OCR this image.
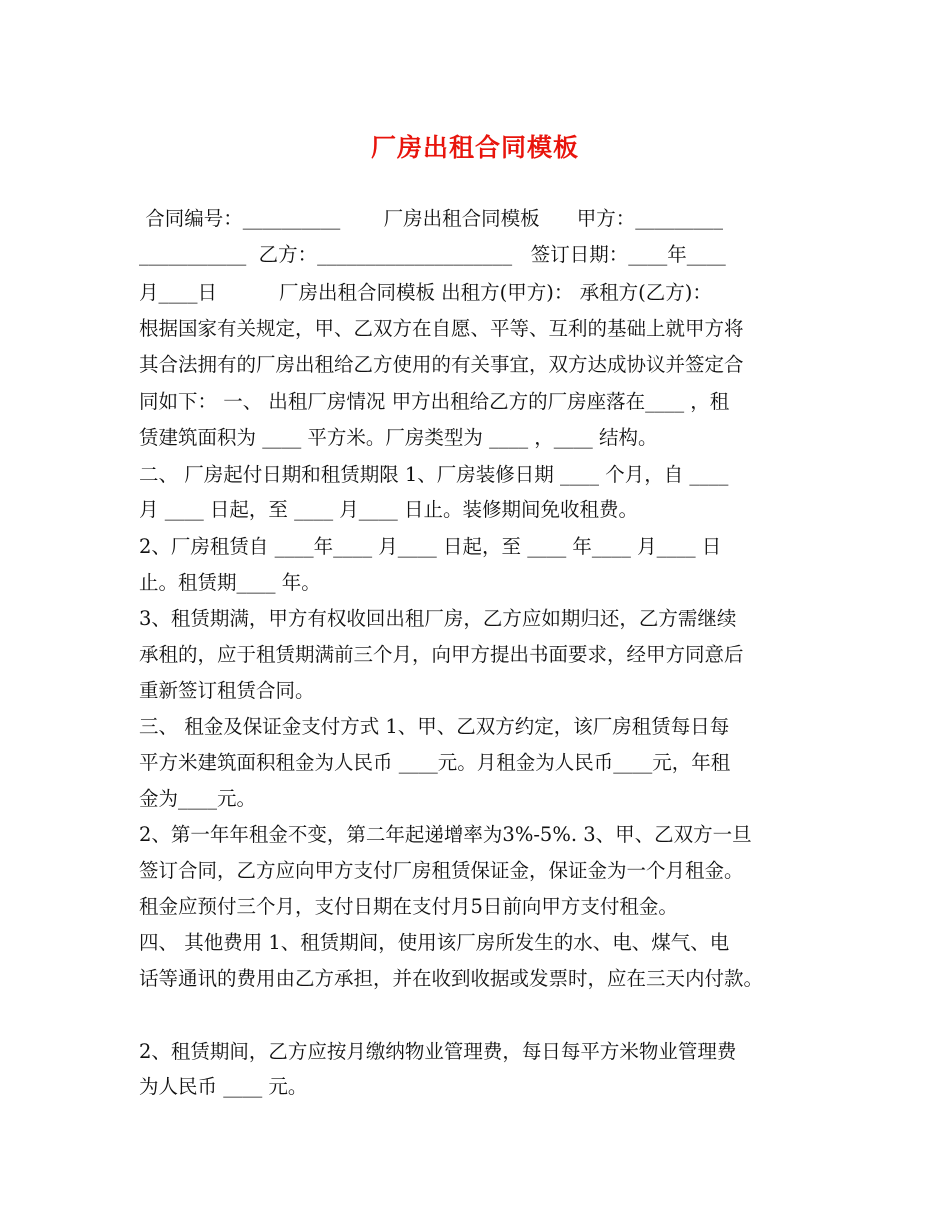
厂房出租合同模板

合同编号：__________       厂房出租合同模板      甲方：_________

___________  乙方：____________________   签订日期：____年____

月____日          厂房出租合同模板 出租方(甲方)： 承租方(乙方)：

根据国家有关规定，甲、乙双方在自愿、平等、互利的基础上就甲方将

其合法拥有的厂房出租给乙方使用的有关事宜，双方达成协议并签定合

同如下： 一、 出租厂房情况 甲方出租给乙方的厂房座落在____ ，租

赁建筑面积为 ____ 平方米。厂房类型为 ____ ，____ 结构。

二、 厂房起付日期和租赁期限 1、厂房装修日期 ____ 个月，自 ____

月 ____ 日起，至 ____ 月____ 日止。装修期间免收租费。

2、厂房租赁自 ____年____ 月____ 日起，至 ____ 年____ 月____ 日

止。租赁期____ 年。

3、租赁期满，甲方有权收回出租厂房，乙方应如期归还，乙方需继续

承租的，应于租赁期满前三个月，向甲方提出书面要求，经甲方同意后

重新签订租赁合同。

三、 租金及保证金支付方式 1、甲、乙双方约定，该厂房租赁每日每

平方米建筑面积租金为人民币 ____元。月租金为人民币____元，年租

金为____元。

2、第一年年租金不变，第二年起递增率为3%-5%. 3、甲、乙双方一旦

签订合同，乙方应向甲方支付厂房租赁保证金，保证金为一个月租金。

租金应预付三个月，支付日期在支付月5日前向甲方支付租金。

四、 其他费用 1、租赁期间，使用该厂房所发生的水、电、煤气、电

话等通讯的费用由乙方承担，并在收到收据或发票时，应在三天内付款。

2、租赁期间，乙方应按月缴纳物业管理费，每日每平方米物业管理费

为人民币 ____ 元。
